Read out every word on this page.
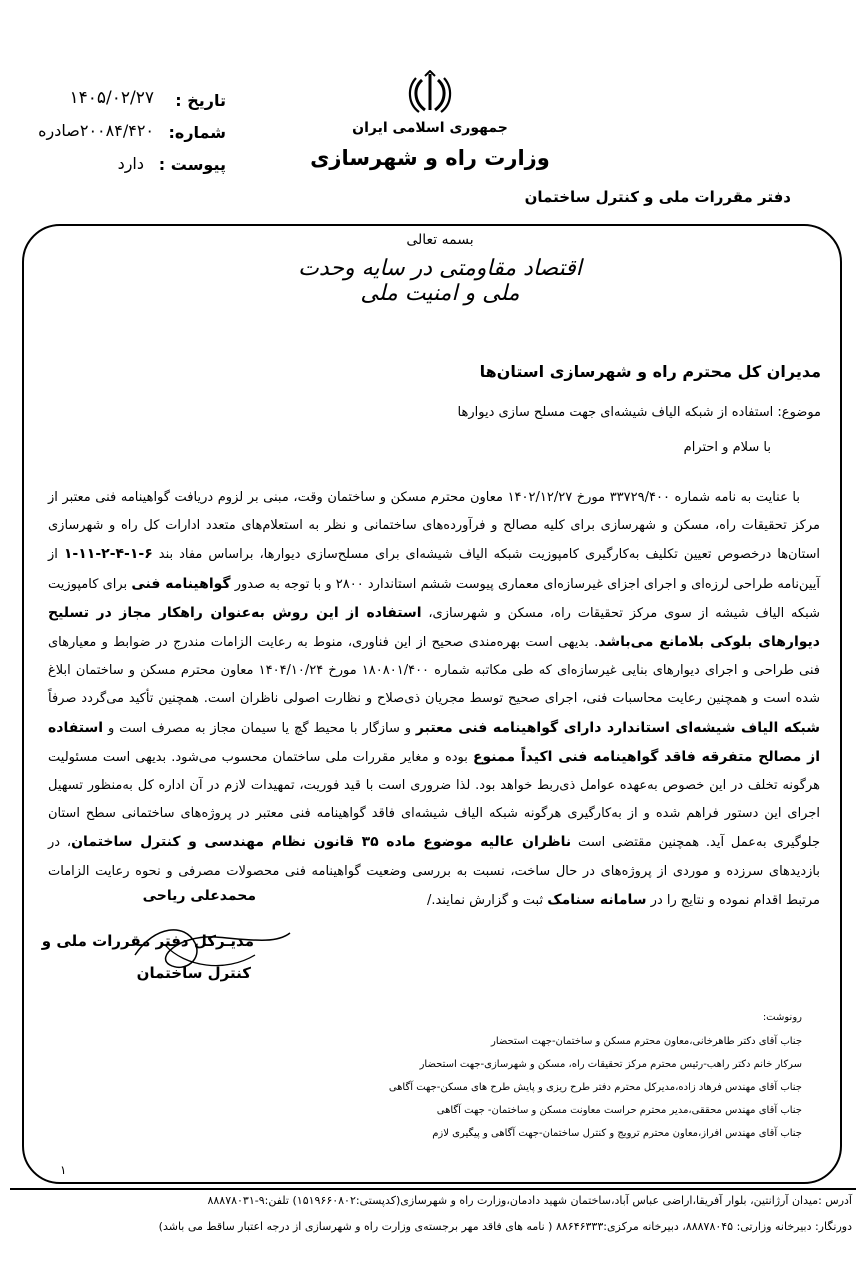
تاریخ :
۱۴۰۵/۰۲/۲۷
شماره:
۲۰۰۸۴/۴۲۰صادره
پیوست :
دارد
جمهوری اسلامی ایران
وزارت راه و شهرسازی
دفتر مقررات ملی و کنترل ساختمان
بسمه تعالی
اقتصاد مقاومتی در سایه وحدت ملی و امنیت ملی
مدیران کل محترم راه و شهرسازی استان‌ها
موضوع: استفاده از شبکه الیاف شیشه‌ای جهت مسلح سازی دیوارها
با سلام و احترام
با عنایت به نامه شماره ۳۳۷۲۹/۴۰۰ مورخ ۱۴۰۲/۱۲/۲۷ معاون محترم مسکن و ساختمان وقت، مبنی بر لزوم دریافت گواهینامه فنی معتبر از مرکز تحقیقات راه، مسکن و شهرسازی برای کلیه مصالح و فرآورده‌های ساختمانی و نظر به استعلام‌های متعدد ادارات کل راه و شهرسازی استان‌ها درخصوص تعیین تکلیف به‌کارگیری کامپوزیت شبکه الیاف شیشه‌ای برای مسلح‌سازی دیوارها، براساس مفاد بند ۶-۱-۴-۲-۱۱-۱ از آیین‌نامه طراحی لرزه‌ای و اجرای اجزای غیرسازه‌ای معماری پیوست ششم استاندارد ۲۸۰۰ و با توجه به صدور گواهینامه فنی برای کامپوزیت شبکه الیاف شیشه از سوی مرکز تحقیقات راه، مسکن و شهرسازی، استفاده از این روش به‌عنوان راهکار مجاز در تسلیح دیوارهای بلوکی بلامانع می‌باشد. بدیهی است بهره‌مندی صحیح از این فناوری، منوط به رعایت الزامات مندرج در ضوابط و معیارهای فنی طراحی و اجرای دیوارهای بنایی غیرسازه‌ای که طی مکاتبه شماره ۱۸۰۸۰۱/۴۰۰ مورخ ۱۴۰۴/۱۰/۲۴ معاون محترم مسکن و ساختمان ابلاغ شده است و همچنین رعایت محاسبات فنی، اجرای صحیح توسط مجریان ذی‌صلاح و نظارت اصولی ناظران است. همچنین تأکید می‌گردد صرفاً شبکه الیاف شیشه‌ای استاندارد دارای گواهینامه فنی معتبر و سازگار با محیط گچ یا سیمان مجاز به مصرف است و استفاده از مصالح متفرقه فاقد گواهینامه فنی اکیداً ممنوع بوده و مغایر مقررات ملی ساختمان محسوب می‌شود. بدیهی است مسئولیت هرگونه تخلف در این خصوص به‌عهده عوامل ذی‌ربط خواهد بود. لذا ضروری است با قید فوریت، تمهیدات لازم در آن اداره کل به‌منظور تسهیل اجرای این دستور فراهم شده و از به‌کارگیری هرگونه شبکه الیاف شیشه‌ای فاقد گواهینامه فنی معتبر در پروژه‌های ساختمانی سطح استان جلوگیری به‌عمل آید. همچنین مقتضی است ناظران عالیه موضوع ماده ۳۵ قانون نظام مهندسی و کنترل ساختمان، در بازدیدهای سرزده و موردی از پروژه‌های در حال ساخت، نسبت به بررسی وضعیت گواهینامه فنی محصولات مصرفی و نحوه رعایت الزامات مرتبط اقدام نموده و نتایج را در سامانه سنامک ثبت و گزارش نمایند./
محمدعلی ریاحی
مدیـرکل دفتر مقررات ملی و
کنترل ساختمان
رونوشت:
جناب آقای دکتر طاهرخانی،معاون محترم مسکن و ساختمان-جهت استحضار
سرکار خانم دکتر راهب-رئیس محترم مرکز تحقیقات راه، مسکن و شهرسازی-جهت استحضار
جناب آقای مهندس فرهاد زاده،مدیرکل محترم دفتر طرح ریزی و پایش طرح های مسکن-جهت آگاهی
جناب آقای مهندس محققی،مدیر محترم حراست معاونت مسکن و ساختمان- جهت آگاهی
جناب آقای مهندس افراز،معاون محترم ترویج و کنترل ساختمان-جهت آگاهی و پیگیری لازم
۱
آدرس :میدان آرژانتین، بلوار آفریقا،اراضی عباس آباد،ساختمان شهید دادمان،وزارت راه و شهرسازی(کدپستی:۱۵۱۹۶۶۰۸۰۲) تلفن:۹-۸۸۸۷۸۰۳۱
دورنگار: دبیرخانه وزارتی: ۸۸۸۷۸۰۴۵، دبیرخانه مرکزی:۸۸۶۴۶۳۳۳ ( نامه های فاقد مهر برجسته‌ی وزارت راه و شهرسازی از درجه اعتبار ساقط می باشد)
